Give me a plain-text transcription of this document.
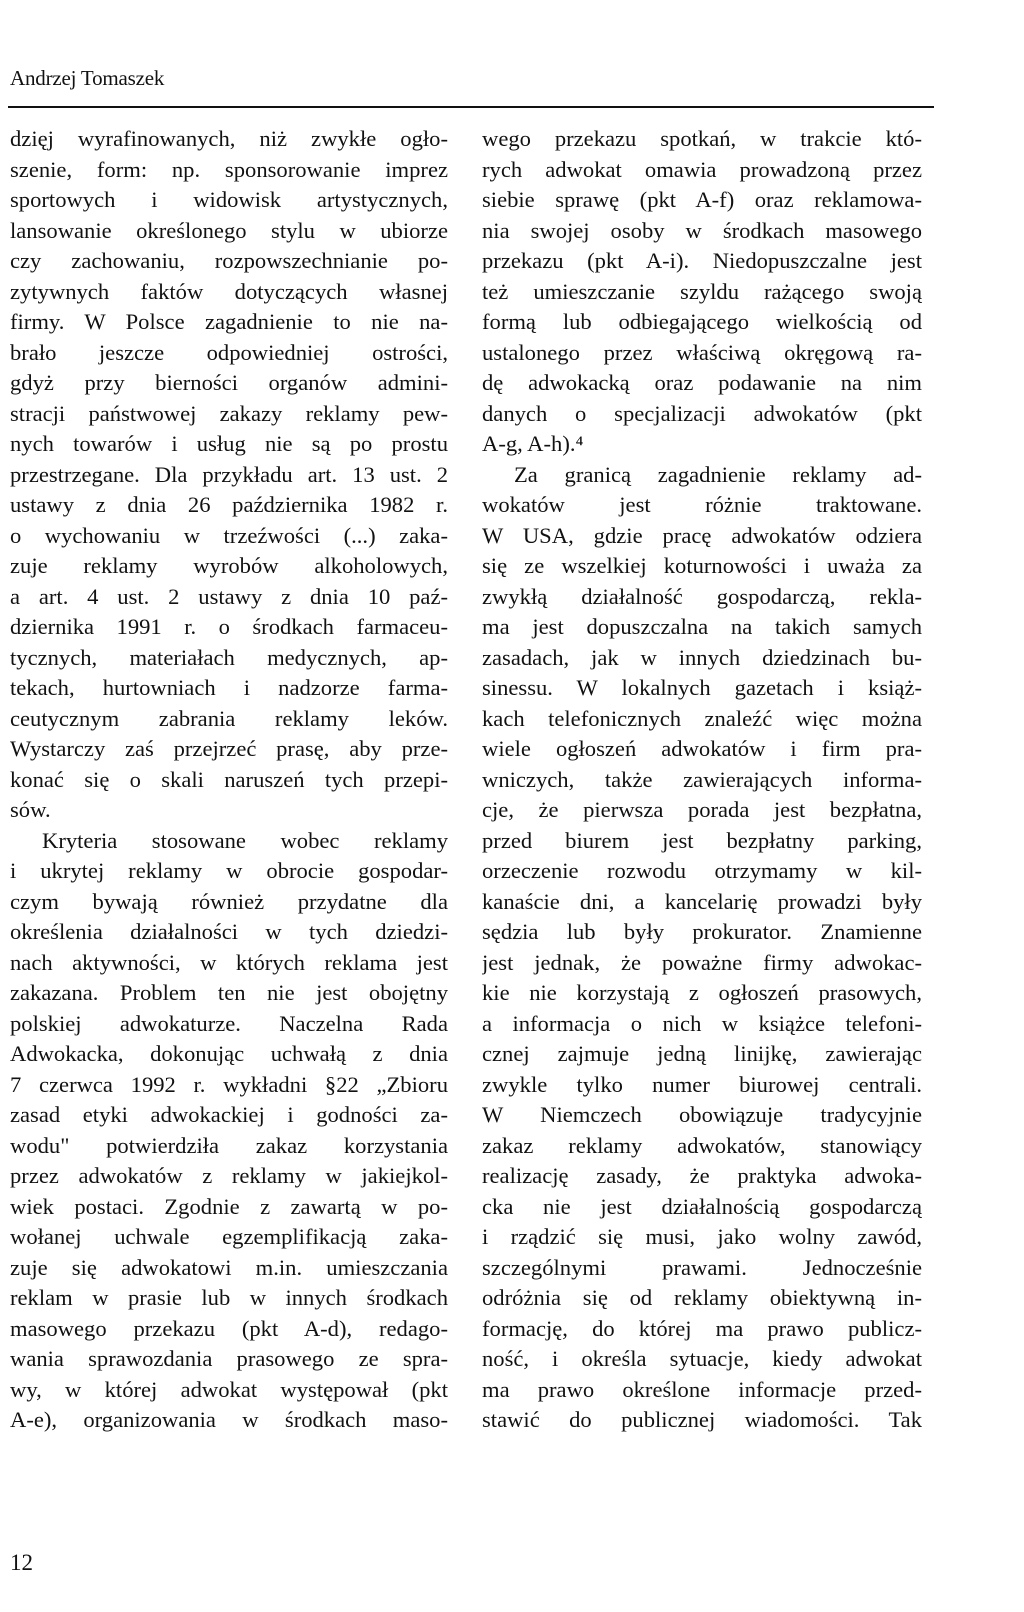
Andrzej Tomaszek
dzięj wyrafinowanych, niż zwykłe ogło-
szenie, form: np. sponsorowanie imprez
sportowych i widowisk artystycznych,
lansowanie określonego stylu w ubiorze
czy zachowaniu, rozpowszechnianie po-
zytywnych faktów dotyczących własnej
firmy. W Polsce zagadnienie to nie na-
brało jeszcze odpowiedniej ostrości,
gdyż przy bierności organów admini-
stracji państwowej zakazy reklamy pew-
nych towarów i usług nie są po prostu
przestrzegane. Dla przykładu art. 13 ust. 2
ustawy z dnia 26 października 1982 r.
o wychowaniu w trzeźwości (...) zaka-
zuje reklamy wyrobów alkoholowych,
a art. 4 ust. 2 ustawy z dnia 10 paź-
dziernika 1991 r. o środkach farmaceu-
tycznych, materiałach medycznych, ap-
tekach, hurtowniach i nadzorze farma-
ceutycznym zabrania reklamy leków.
Wystarczy zaś przejrzeć prasę, aby prze-
konać się o skali naruszeń tych przepi-
sów.
Kryteria stosowane wobec reklamy
i ukrytej reklamy w obrocie gospodar-
czym bywają również przydatne dla
określenia działalności w tych dziedzi-
nach aktywności, w których reklama jest
zakazana. Problem ten nie jest obojętny
polskiej adwokaturze. Naczelna Rada
Adwokacka, dokonując uchwałą z dnia
7 czerwca 1992 r. wykładni §22 „Zbioru
zasad etyki adwokackiej i godności za-
wodu" potwierdziła zakaz korzystania
przez adwokatów z reklamy w jakiejkol-
wiek postaci. Zgodnie z zawartą w po-
wołanej uchwale egzemplifikacją zaka-
zuje się adwokatowi m.in. umieszczania
reklam w prasie lub w innych środkach
masowego przekazu (pkt A-d), redago-
wania sprawozdania prasowego ze spra-
wy, w której adwokat występował (pkt
A-e), organizowania w środkach maso-
wego przekazu spotkań, w trakcie któ-
rych adwokat omawia prowadzoną przez
siebie sprawę (pkt A-f) oraz reklamowa-
nia swojej osoby w środkach masowego
przekazu (pkt A-i). Niedopuszczalne jest
też umieszczanie szyldu rażącego swoją
formą lub odbiegającego wielkością od
ustalonego przez właściwą okręgową ra-
dę adwokacką oraz podawanie na nim
danych o specjalizacji adwokatów (pkt
A-g, A-h).⁴
Za granicą zagadnienie reklamy ad-
wokatów jest różnie traktowane.
W USA, gdzie pracę adwokatów odziera
się ze wszelkiej koturnowości i uważa za
zwykłą działalność gospodarczą, rekla-
ma jest dopuszczalna na takich samych
zasadach, jak w innych dziedzinach bu-
sinessu. W lokalnych gazetach i książ-
kach telefonicznych znaleźć więc można
wiele ogłoszeń adwokatów i firm pra-
wniczych, także zawierających informa-
cje, że pierwsza porada jest bezpłatna,
przed biurem jest bezpłatny parking,
orzeczenie rozwodu otrzymamy w kil-
kanaście dni, a kancelarię prowadzi były
sędzia lub były prokurator. Znamienne
jest jednak, że poważne firmy adwokac-
kie nie korzystają z ogłoszeń prasowych,
a informacja o nich w książce telefoni-
cznej zajmuje jedną linijkę, zawierając
zwykle tylko numer biurowej centrali.
W Niemczech obowiązuje tradycyjnie
zakaz reklamy adwokatów, stanowiący
realizację zasady, że praktyka adwoka-
cka nie jest działalnością gospodarczą
i rządzić się musi, jako wolny zawód,
szczególnymi prawami. Jednocześnie
odróżnia się od reklamy obiektywną in-
formację, do której ma prawo publicz-
ność, i określa sytuacje, kiedy adwokat
ma prawo określone informacje przed-
stawić do publicznej wiadomości. Tak
12
